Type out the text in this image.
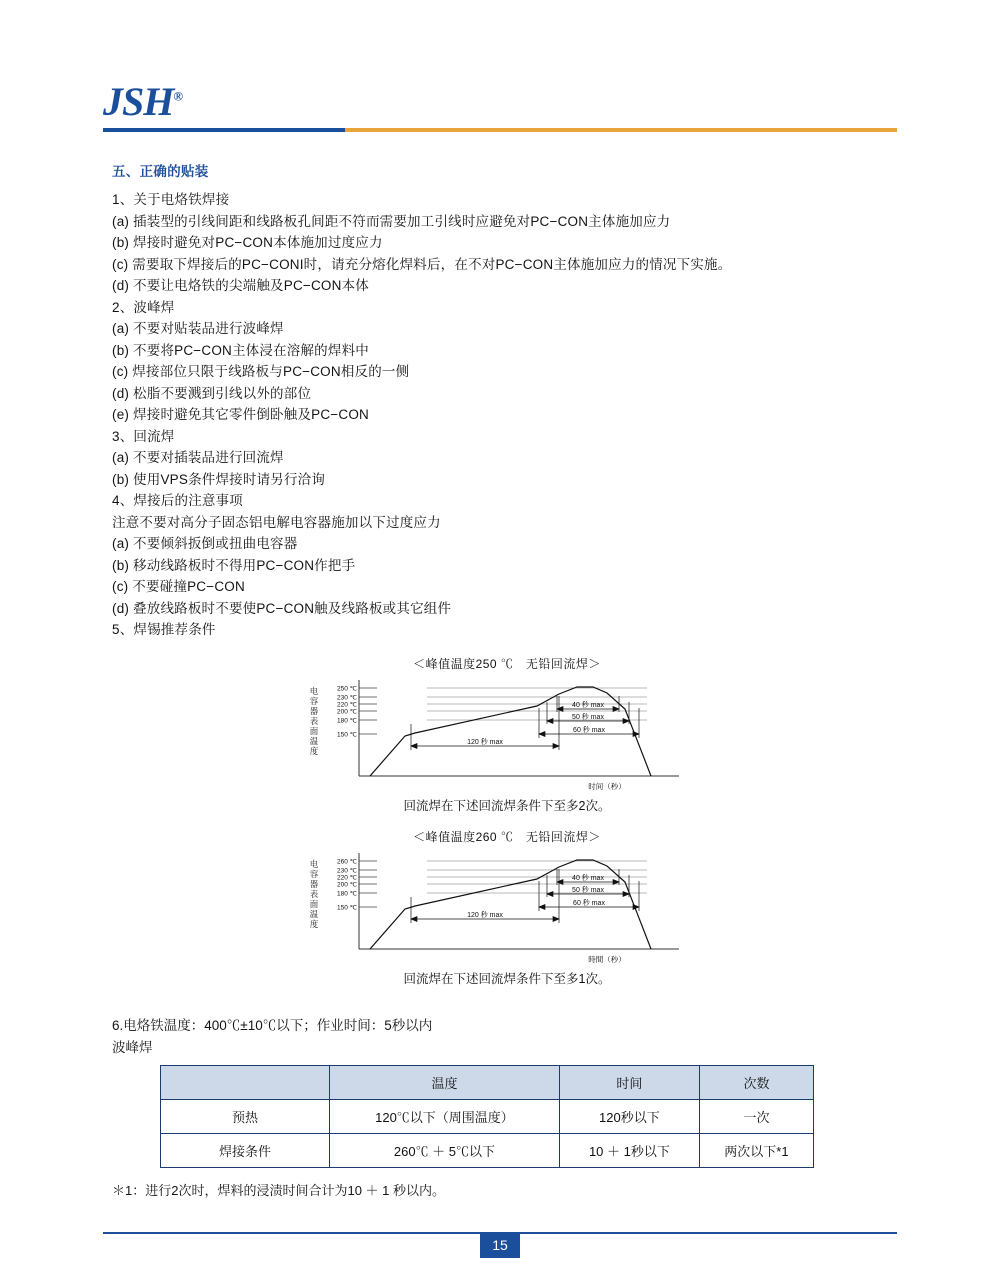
JSH®

五、正确的贴装

1、关于电烙铁焊接

(a) 插装型的引线间距和线路板孔间距不符而需要加工引线时应避免对PC−CON主体施加应力

(b) 焊接时避免对PC−CON本体施加过度应力

(c) 需要取下焊接后的PC−CONI时，请充分熔化焊料后，在不对PC−CON主体施加应力的情况下实施。

(d) 不要让电烙铁的尖端触及PC−CON本体

2、波峰焊

(a) 不要对贴装品进行波峰焊

(b) 不要将PC−CON主体浸在溶解的焊料中

(c) 焊接部位只限于线路板与PC−CON相反的一侧

(d) 松脂不要溅到引线以外的部位

(e) 焊接时避免其它零件倒卧触及PC−CON

3、回流焊

(a) 不要对插装品进行回流焊

(b) 使用VPS条件焊接时请另行洽询

4、焊接后的注意事项

注意不要对高分子固态铝电解电容器施加以下过度应力

(a) 不要倾斜扳倒或扭曲电容器

(b) 移动线路板时不得用PC−CON作把手

(c) 不要碰撞PC−CON

(d) 叠放线路板时不要使PC−CON触及线路板或其它组件

5、焊锡推荐条件

＜峰值温度250 ℃　无铅回流焊＞
电容器表面温度
250 ℃
230 ℃
220 ℃
200 ℃
180 ℃
150 ℃
120 秒 max
60 秒 max
50 秒 max
40 秒 max
时间（秒）
回流焊在下述回流焊条件下至多2次。
＜峰值温度260 ℃　无铅回流焊＞
电容器表面温度
260 ℃
230 ℃
220 ℃
200 ℃
180 ℃
150 ℃
120 秒 max
60 秒 max
50 秒 max
40 秒 max
時間（秒）
回流焊在下述回流焊条件下至多1次。

6.电烙铁温度：400℃±10℃以下；作业时间：5秒以内

波峰焊

	温度	时间	次数
预热	120℃以下（周围温度）	120秒以下	一次
焊接条件	260℃ ＋ 5℃以下	10 ＋ 1秒以下	两次以下*1

＊1：进行2次时，焊料的浸渍时间合计为10 ＋ 1 秒以内。

15
